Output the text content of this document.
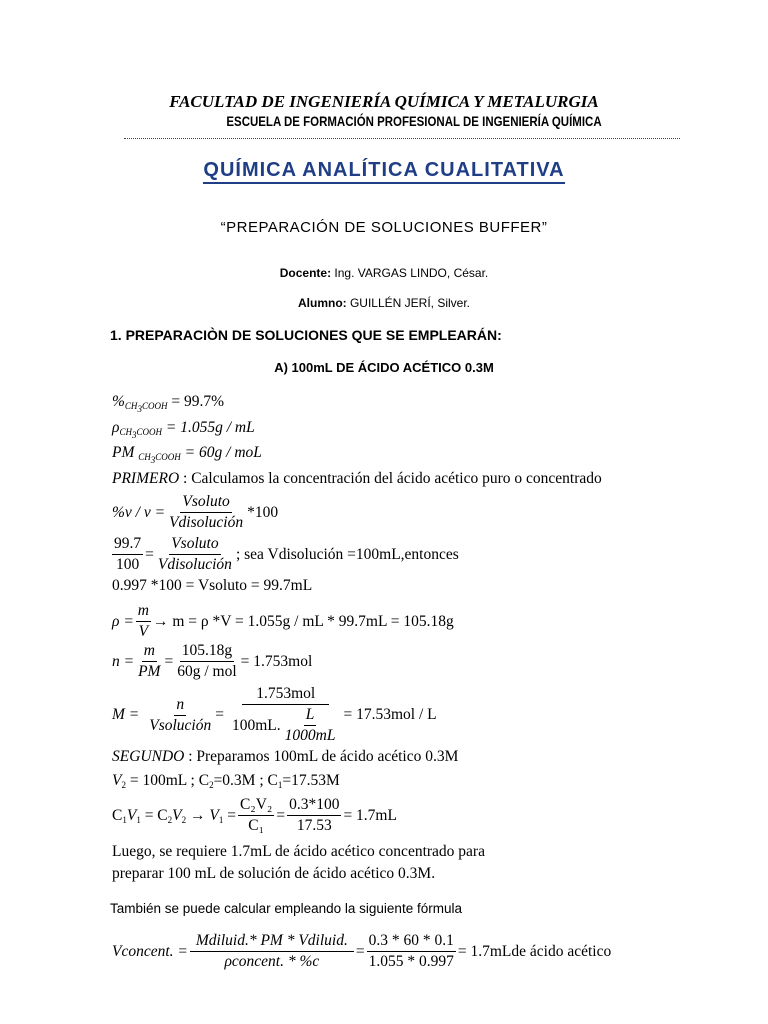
FACULTAD DE INGENIERÍA QUÍMICA Y METALURGIA
ESCUELA DE FORMACIÓN PROFESIONAL DE INGENIERÍA QUÍMICA
QUÍMICA ANALÍTICA CUALITATIVA
“PREPARACIÓN DE SOLUCIONES BUFFER”
Docente: Ing. VARGAS LINDO, César.
Alumno: GUILLÉN JERÍ, Silver.
1. PREPARACIÒN DE SOLUCIONES QUE SE EMPLEARÁN:
A) 100mL DE ÁCIDO ACÉTICO 0.3M
$\%_{CH_3COOH} = 99.7\%$
$\rho_{CH_3COOH} = 1.055g$ / mL
PM $_{CH_3COOH}$ = 60g / moL
PRIMERO : Calculamos la concentración del ácido acético puro o concentrado
$\%v / v = \frac{\text{Vsoluto}}{\text{Vdisolución}} *100$
$\frac{99.7}{100} = \frac{\text{Vsoluto}}{\text{Vdisolución}}$ ; sea Vdisolución =100mL,entonces
0.997 *100 = Vsoluto = 99.7mL
$\rho = \frac{m}{V} \to m = \rho$ *V = 1.055g / mL * 99.7mL = 105.18g
$n = \frac{m}{PM} = \frac{105.18g}{\text{60g / mol}} = 1.753mol$
$M = \frac{n}{\text{Vsolución}} = \frac{\text{1.753mol}}{100mL. \frac{L}{1000mL}} = 17.53mol / L$
SEGUNDO : Preparamos 100mL de ácido acético 0.3M
$V_2 = 100mL$ ; $C_2=0.3M$ ; $C_1=17.53M$
$C_1V_1 = C_2V_2 \to V_1 = \frac{\text{C₂V₂}}{\text{C₁}} = \frac{0.3*100}{17.53} = 1.7mL$
Luego, se requiere 1.7mL de ácido acético concentrado para
preparar 100 mL de solución de ácido acético 0.3M.
También se puede calcular empleando la siguiente fórmula
Vconcent. = $\frac{\text{Mdiluid.* PM * Vdiluid.}}{\text{ρconcent. * \%c}} = \frac{0.3 * 60 * 0.1}{1.055 * 0.997} = 1.7mL$ de ácido acético
